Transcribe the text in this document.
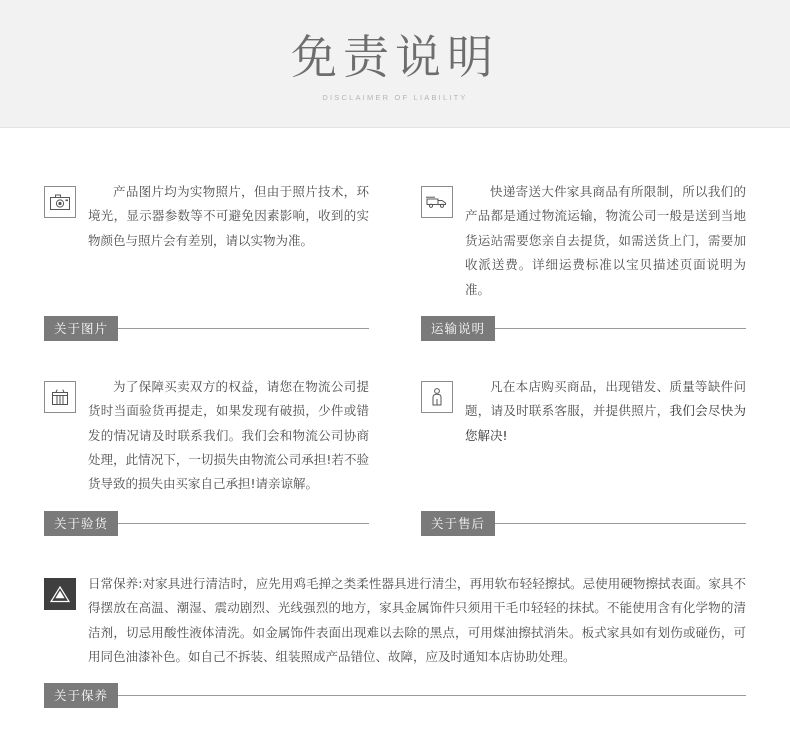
免责说明
DISCLAIMER OF LIABILITY
产品图片均为实物照片，但由于照片技术，环境光，显示器参数等不可避免因素影响，收到的实物颜色与照片会有差别，请以实物为准。
关于图片
快递寄送大件家具商品有所限制，所以我们的产品都是通过物流运输，物流公司一般是送到当地货运站需要您亲自去提货，如需送货上门，需要加收派送费。详细运费标准以宝贝描述页面说明为准。
运输说明
为了保障买卖双方的权益，请您在物流公司提货时当面验货再提走，如果发现有破损，少件或错发的情况请及时联系我们。我们会和物流公司协商处理，此情况下，一切损失由物流公司承担!若不验货导致的损失由买家自己承担!请亲谅解。
关于验货
凡在本店购买商品，出现错发、质量等缺件问题，请及时联系客服，并提供照片，我们会尽快为您解决!
关于售后
日常保养:对家具进行清洁时，应先用鸡毛掸之类柔性器具进行清尘，再用软布轻轻擦拭。忌使用硬物擦拭表面。家具不得摆放在高温、潮湿、震动剧烈、光线强烈的地方，家具金属饰件只须用干毛巾轻轻的抹拭。不能使用含有化学物的清洁剂，切忌用酸性液体清洗。如金属饰件表面出现难以去除的黑点，可用煤油擦拭消朱。板式家具如有划伤或碰伤，可用同色油漆补色。如自己不拆装、组装照成产品错位、故障，应及时通知本店协助处理。
关于保养
